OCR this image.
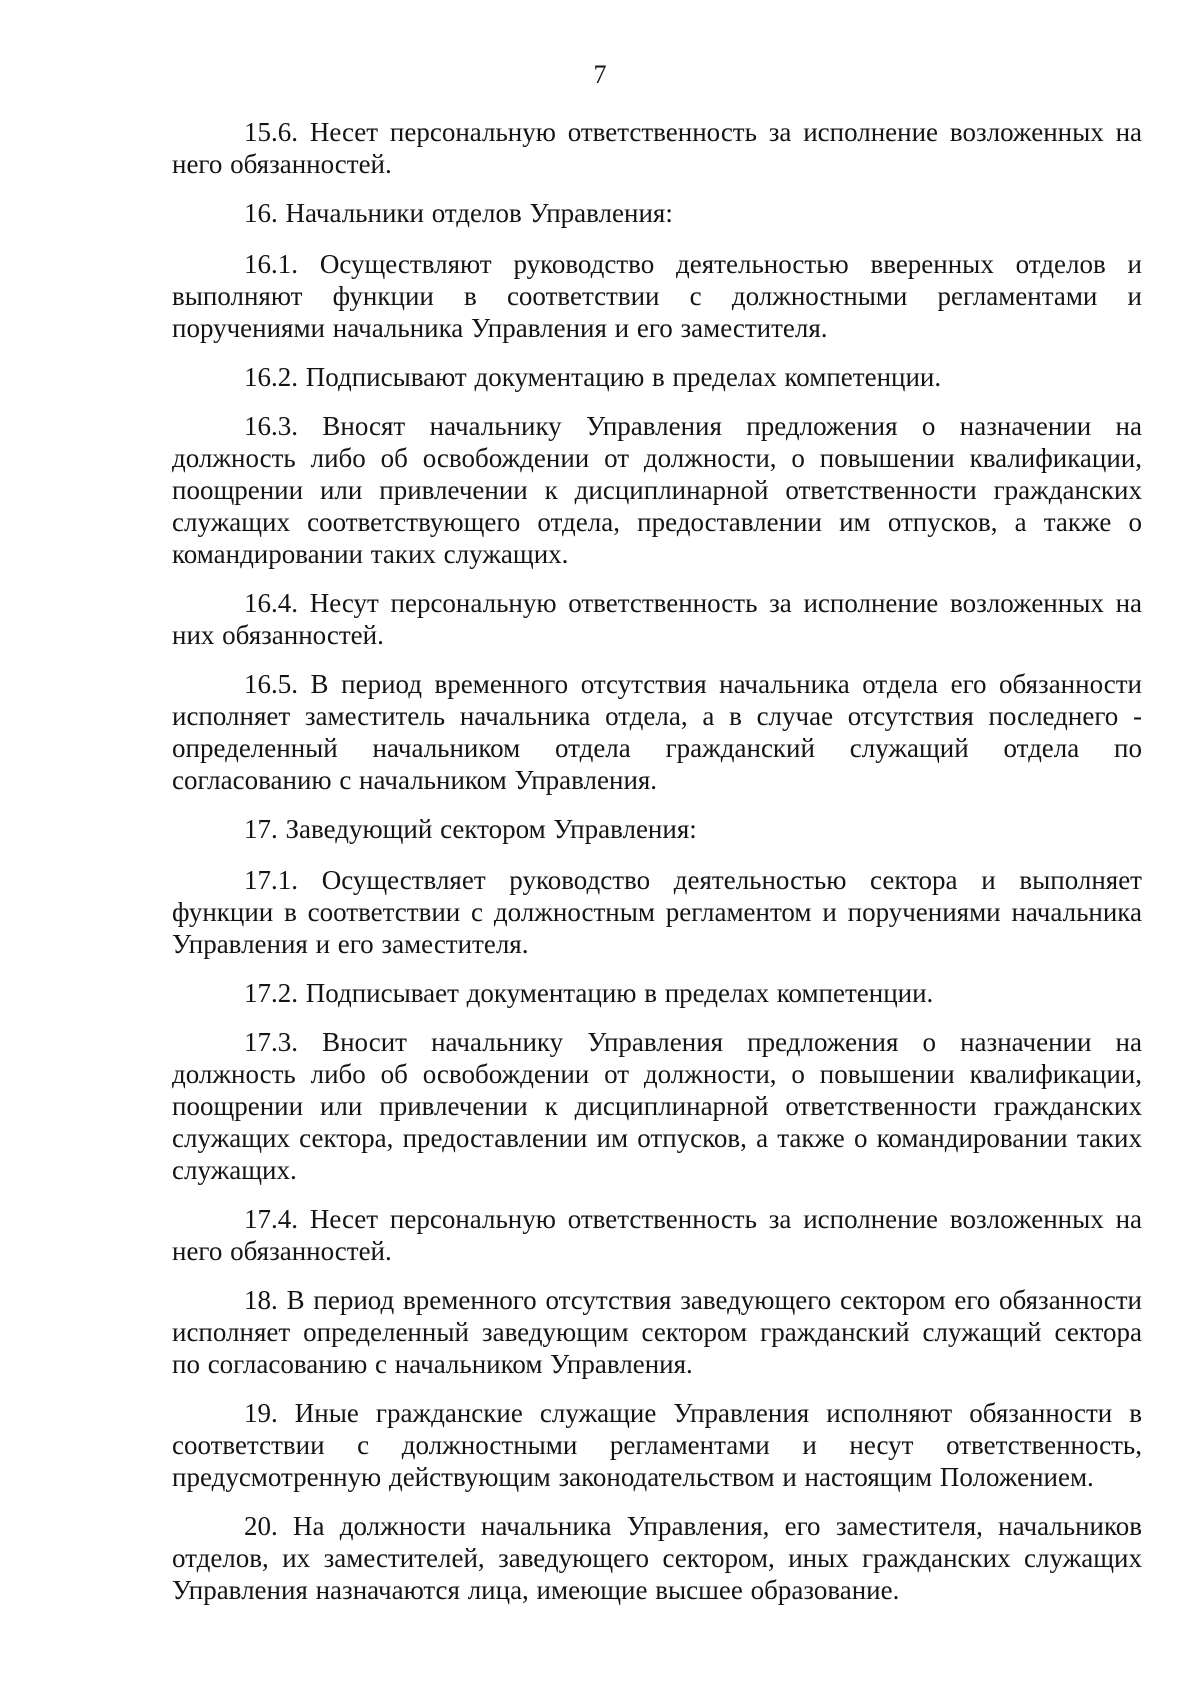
7

15.6. Несет персональную ответственность за исполнение возложенных на него обязанностей.

16. Начальники отделов Управления:

16.1. Осуществляют руководство деятельностью вверенных отделов и выполняют функции в соответствии с должностными регламентами и поручениями начальника Управления и его заместителя.

16.2. Подписывают документацию в пределах компетенции.

16.3. Вносят начальнику Управления предложения о назначении на должность либо об освобождении от должности, о повышении квалификации, поощрении или привлечении к дисциплинарной ответственности гражданских служащих соответствующего отдела, предоставлении им отпусков, а также о командировании таких служащих.

16.4. Несут персональную ответственность за исполнение возложенных на них обязанностей.

16.5. В период временного отсутствия начальника отдела его обязанности исполняет заместитель начальника отдела, а в случае отсутствия последнего - определенный начальником отдела гражданский служащий отдела по согласованию с начальником Управления.

17. Заведующий сектором Управления:

17.1. Осуществляет руководство деятельностью сектора и выполняет функции в соответствии с должностным регламентом и поручениями начальника Управления и его заместителя.

17.2. Подписывает документацию в пределах компетенции.

17.3. Вносит начальнику Управления предложения о назначении на должность либо об освобождении от должности, о повышении квалификации, поощрении или привлечении к дисциплинарной ответственности гражданских служащих сектора, предоставлении им отпусков, а также о командировании таких служащих.

17.4. Несет персональную ответственность за исполнение возложенных на него обязанностей.

18. В период временного отсутствия заведующего сектором его обязанности исполняет определенный заведующим сектором гражданский служащий сектора по согласованию с начальником Управления.

19. Иные гражданские служащие Управления исполняют обязанности в соответствии с должностными регламентами и несут ответственность, предусмотренную действующим законодательством и настоящим Положением.

20. На должности начальника Управления, его заместителя, начальников отделов, их заместителей, заведующего сектором, иных гражданских служащих Управления назначаются лица, имеющие высшее образование.
